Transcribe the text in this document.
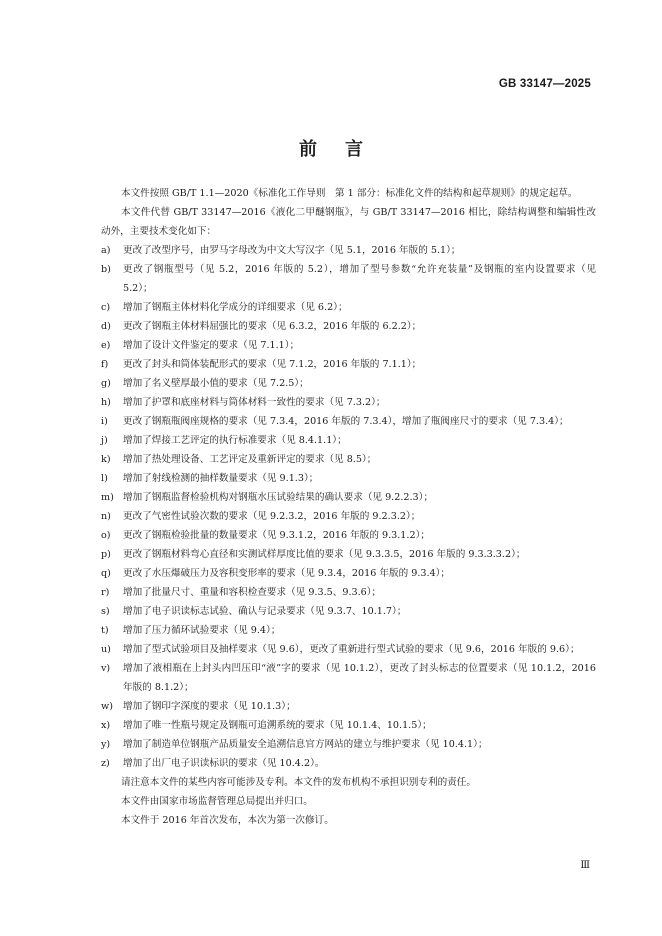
GB 33147—2025
前言

本文件按照 GB/T 1.1—2020《标准化工作导则　第 1 部分：标准化文件的结构和起草规则》的规定起草。

本文件代替 GB/T 33147—2016《液化二甲醚钢瓶》，与 GB/T 33147—2016 相比，除结构调整和编辑性改动外，主要技术变化如下：

a)	更改了改型序号，由罗马字母改为中文大写汉字（见 5.1，2016 年版的 5.1）；
b)	更改了钢瓶型号（见 5.2，2016 年版的 5.2），增加了型号参数“允许充装量”及钢瓶的室内设置要求（见 5.2）；
c)	增加了钢瓶主体材料化学成分的详细要求（见 6.2）；
d)	更改了钢瓶主体材料屈强比的要求（见 6.3.2，2016 年版的 6.2.2）；
e)	增加了设计文件鉴定的要求（见 7.1.1）；
f)	更改了封头和筒体装配形式的要求（见 7.1.2，2016 年版的 7.1.1）；
g)	增加了名义壁厚最小值的要求（见 7.2.5）；
h)	增加了护罩和底座材料与筒体材料一致性的要求（见 7.3.2）；
i)	更改了钢瓶瓶阀座规格的要求（见 7.3.4，2016 年版的 7.3.4），增加了瓶阀座尺寸的要求（见 7.3.4）；
j)	增加了焊接工艺评定的执行标准要求（见 8.4.1.1）；
k)	增加了热处理设备、工艺评定及重新评定的要求（见 8.5）；
l)	增加了射线检测的抽样数量要求（见 9.1.3）；
m) 增加了钢瓶监督检验机构对钢瓶水压试验结果的确认要求（见 9.2.2.3）；
n)	更改了气密性试验次数的要求（见 9.2.3.2，2016 年版的 9.2.3.2）；
o)	更改了钢瓶检验批量的数量要求（见 9.3.1.2，2016 年版的 9.3.1.2）；
p)	更改了钢瓶材料弯心直径和实测试样厚度比值的要求（见 9.3.3.5，2016 年版的 9.3.3.3.2）；
q)	更改了水压爆破压力及容积变形率的要求（见 9.3.4，2016 年版的 9.3.4）；
r)	增加了批量尺寸、重量和容积检查要求（见 9.3.5、9.3.6）；
s)	增加了电子识读标志试验、确认与记录要求（见 9.3.7、10.1.7）；
t)	增加了压力循环试验要求（见 9.4）；
u)	增加了型式试验项目及抽样要求（见 9.6），更改了重新进行型式试验的要求（见 9.6，2016 年版的 9.6）；
v)	增加了液相瓶在上封头内凹压印“液”字的要求（见 10.1.2），更改了封头标志的位置要求（见 10.1.2，2016 年版的 8.1.2）；
w)	增加了钢印字深度的要求（见 10.1.3）；
x)	增加了唯一性瓶号规定及钢瓶可追溯系统的要求（见 10.1.4、10.1.5）；
y)	增加了制造单位钢瓶产品质量安全追溯信息官方网站的建立与维护要求（见 10.4.1）；
z)	增加了出厂电子识读标识的要求（见 10.4.2）。

请注意本文件的某些内容可能涉及专利。本文件的发布机构不承担识别专利的责任。

本文件由国家市场监督管理总局提出并归口。

本文件于 2016 年首次发布，本次为第一次修订。

Ⅲ
